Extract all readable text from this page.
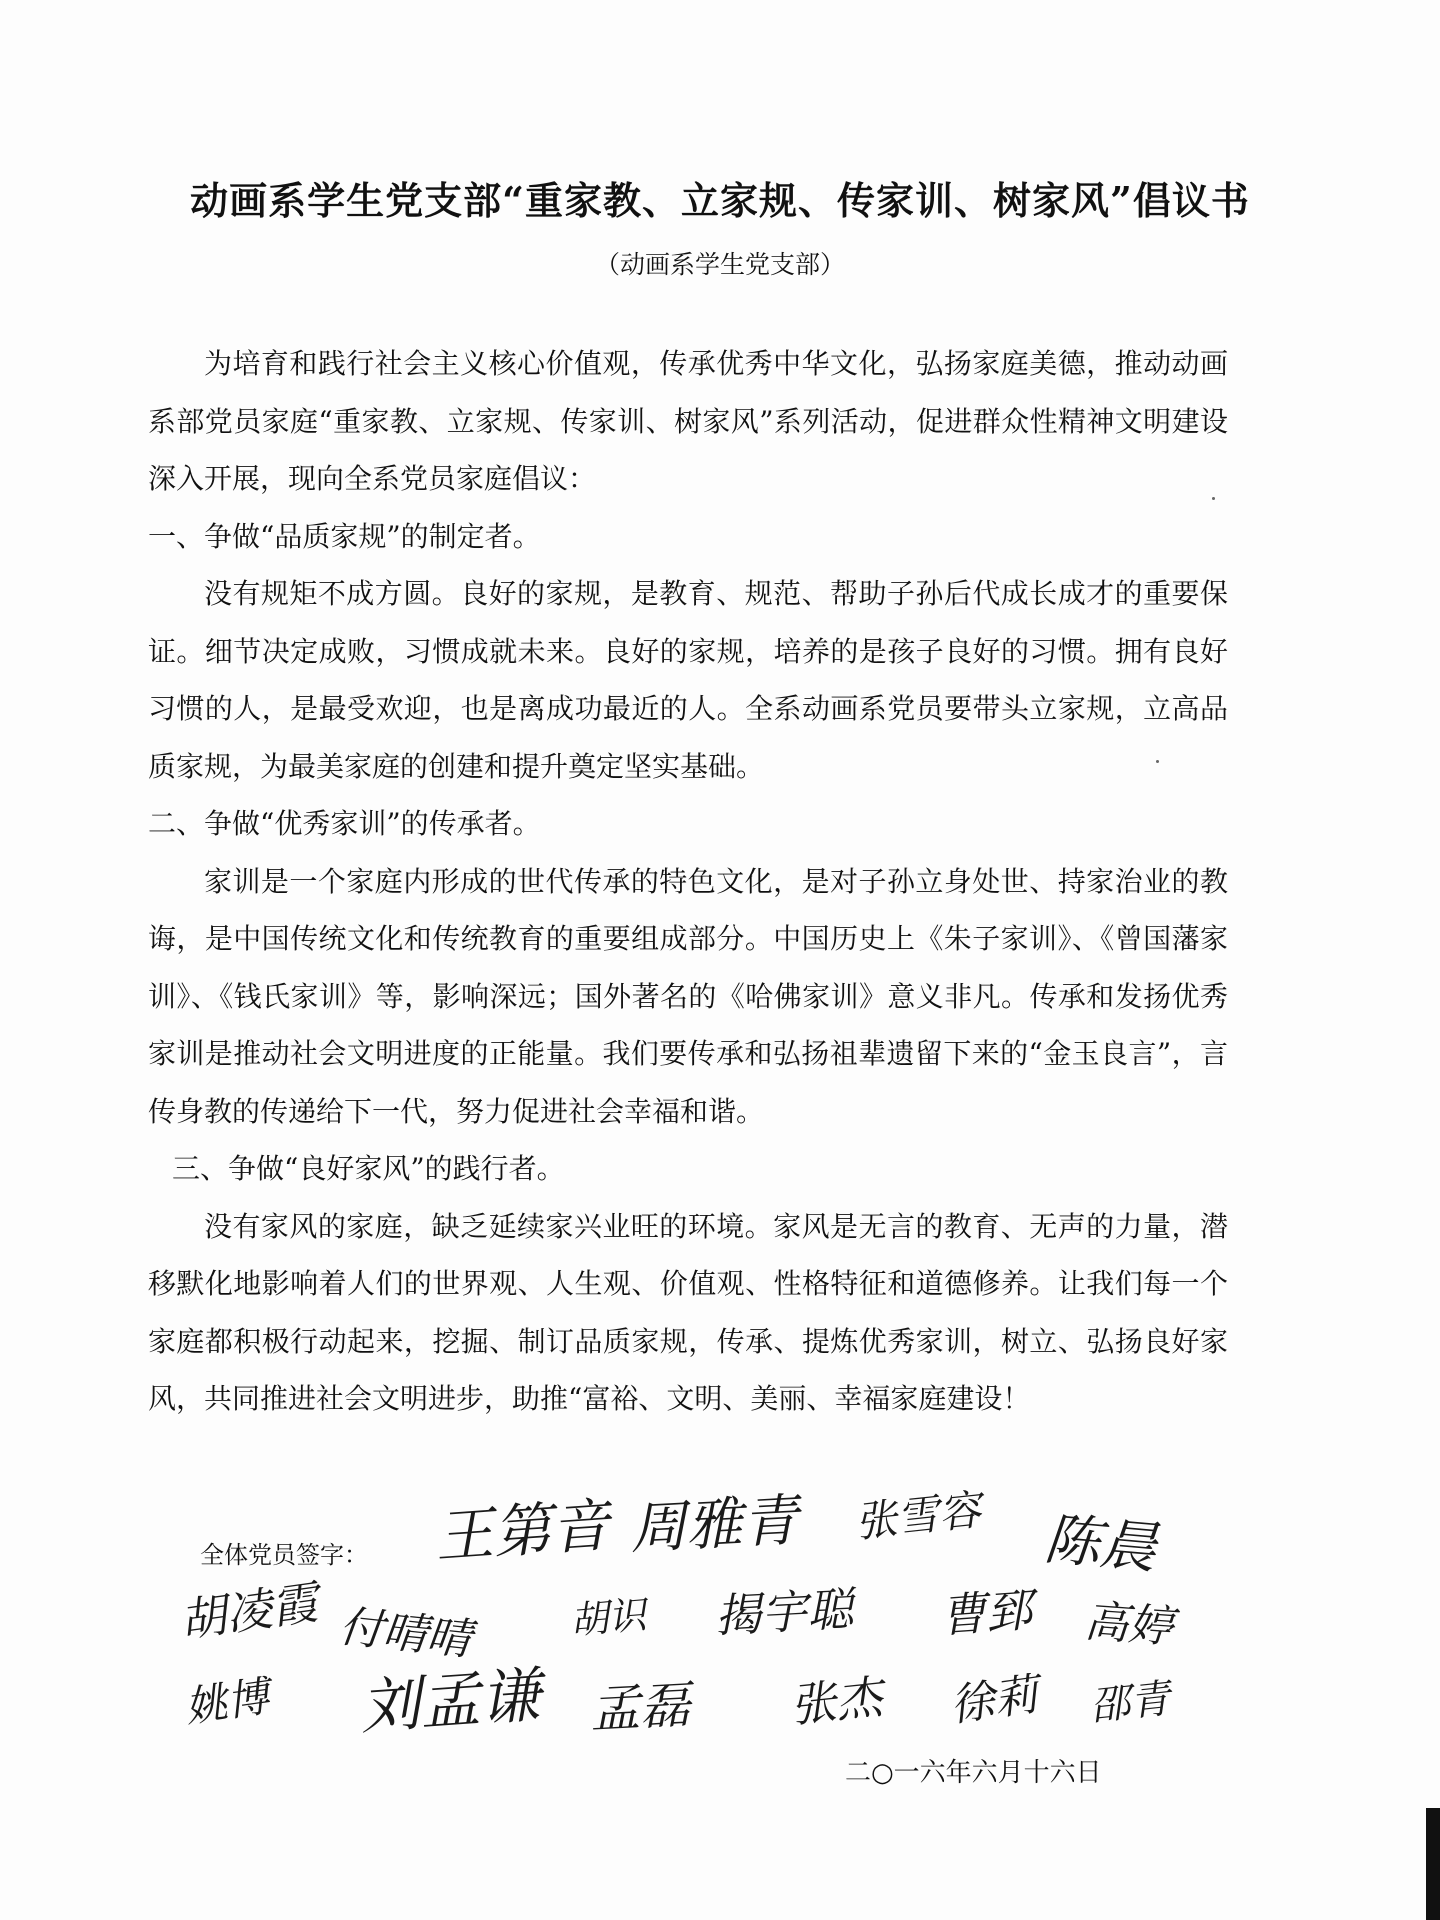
动画系学生党支部“重家教、立家规、传家训、树家风”倡议书
（动画系学生党支部）

为培育和践行社会主义核心价值观，传承优秀中华文化，弘扬家庭美德，推动动画系部党员家庭“重家教、立家规、传家训、树家风”系列活动，促进群众性精神文明建设深入开展，现向全系党员家庭倡议：

一、争做“品质家规”的制定者。

没有规矩不成方圆。良好的家规，是教育、规范、帮助子孙后代成长成才的重要保证。细节决定成败，习惯成就未来。良好的家规，培养的是孩子良好的习惯。拥有良好习惯的人，是最受欢迎，也是离成功最近的人。全系动画系党员要带头立家规，立高品质家规，为最美家庭的创建和提升奠定坚实基础。

二、争做“优秀家训”的传承者。

家训是一个家庭内形成的世代传承的特色文化，是对子孙立身处世、持家治业的教诲，是中国传统文化和传统教育的重要组成部分。中国历史上《朱子家训》、《曾国藩家训》、《钱氏家训》等，影响深远；国外著名的《哈佛家训》意义非凡。传承和发扬优秀家训是推动社会文明进度的正能量。我们要传承和弘扬祖辈遗留下来的“金玉良言”，言传身教的传递给下一代，努力促进社会幸福和谐。

三、争做“良好家风”的践行者。

没有家风的家庭，缺乏延续家兴业旺的环境。家风是无言的教育、无声的力量，潜移默化地影响着人们的世界观、人生观、价值观、性格特征和道德修养。让我们每一个家庭都积极行动起来，挖掘、制订品质家规，传承、提炼优秀家训，树立、弘扬良好家风，共同推进社会文明进步，助推“富裕、文明、美丽、幸福家庭建设！

全体党员签字： 王第音 周雅青 张雪容 陈晨
胡凌霞 付晴晴 胡识 揭宇聪 曹郅 高婷
姚博 刘孟谦 孟磊 张杰 徐莉 邵青
二○一六年六月十六日
